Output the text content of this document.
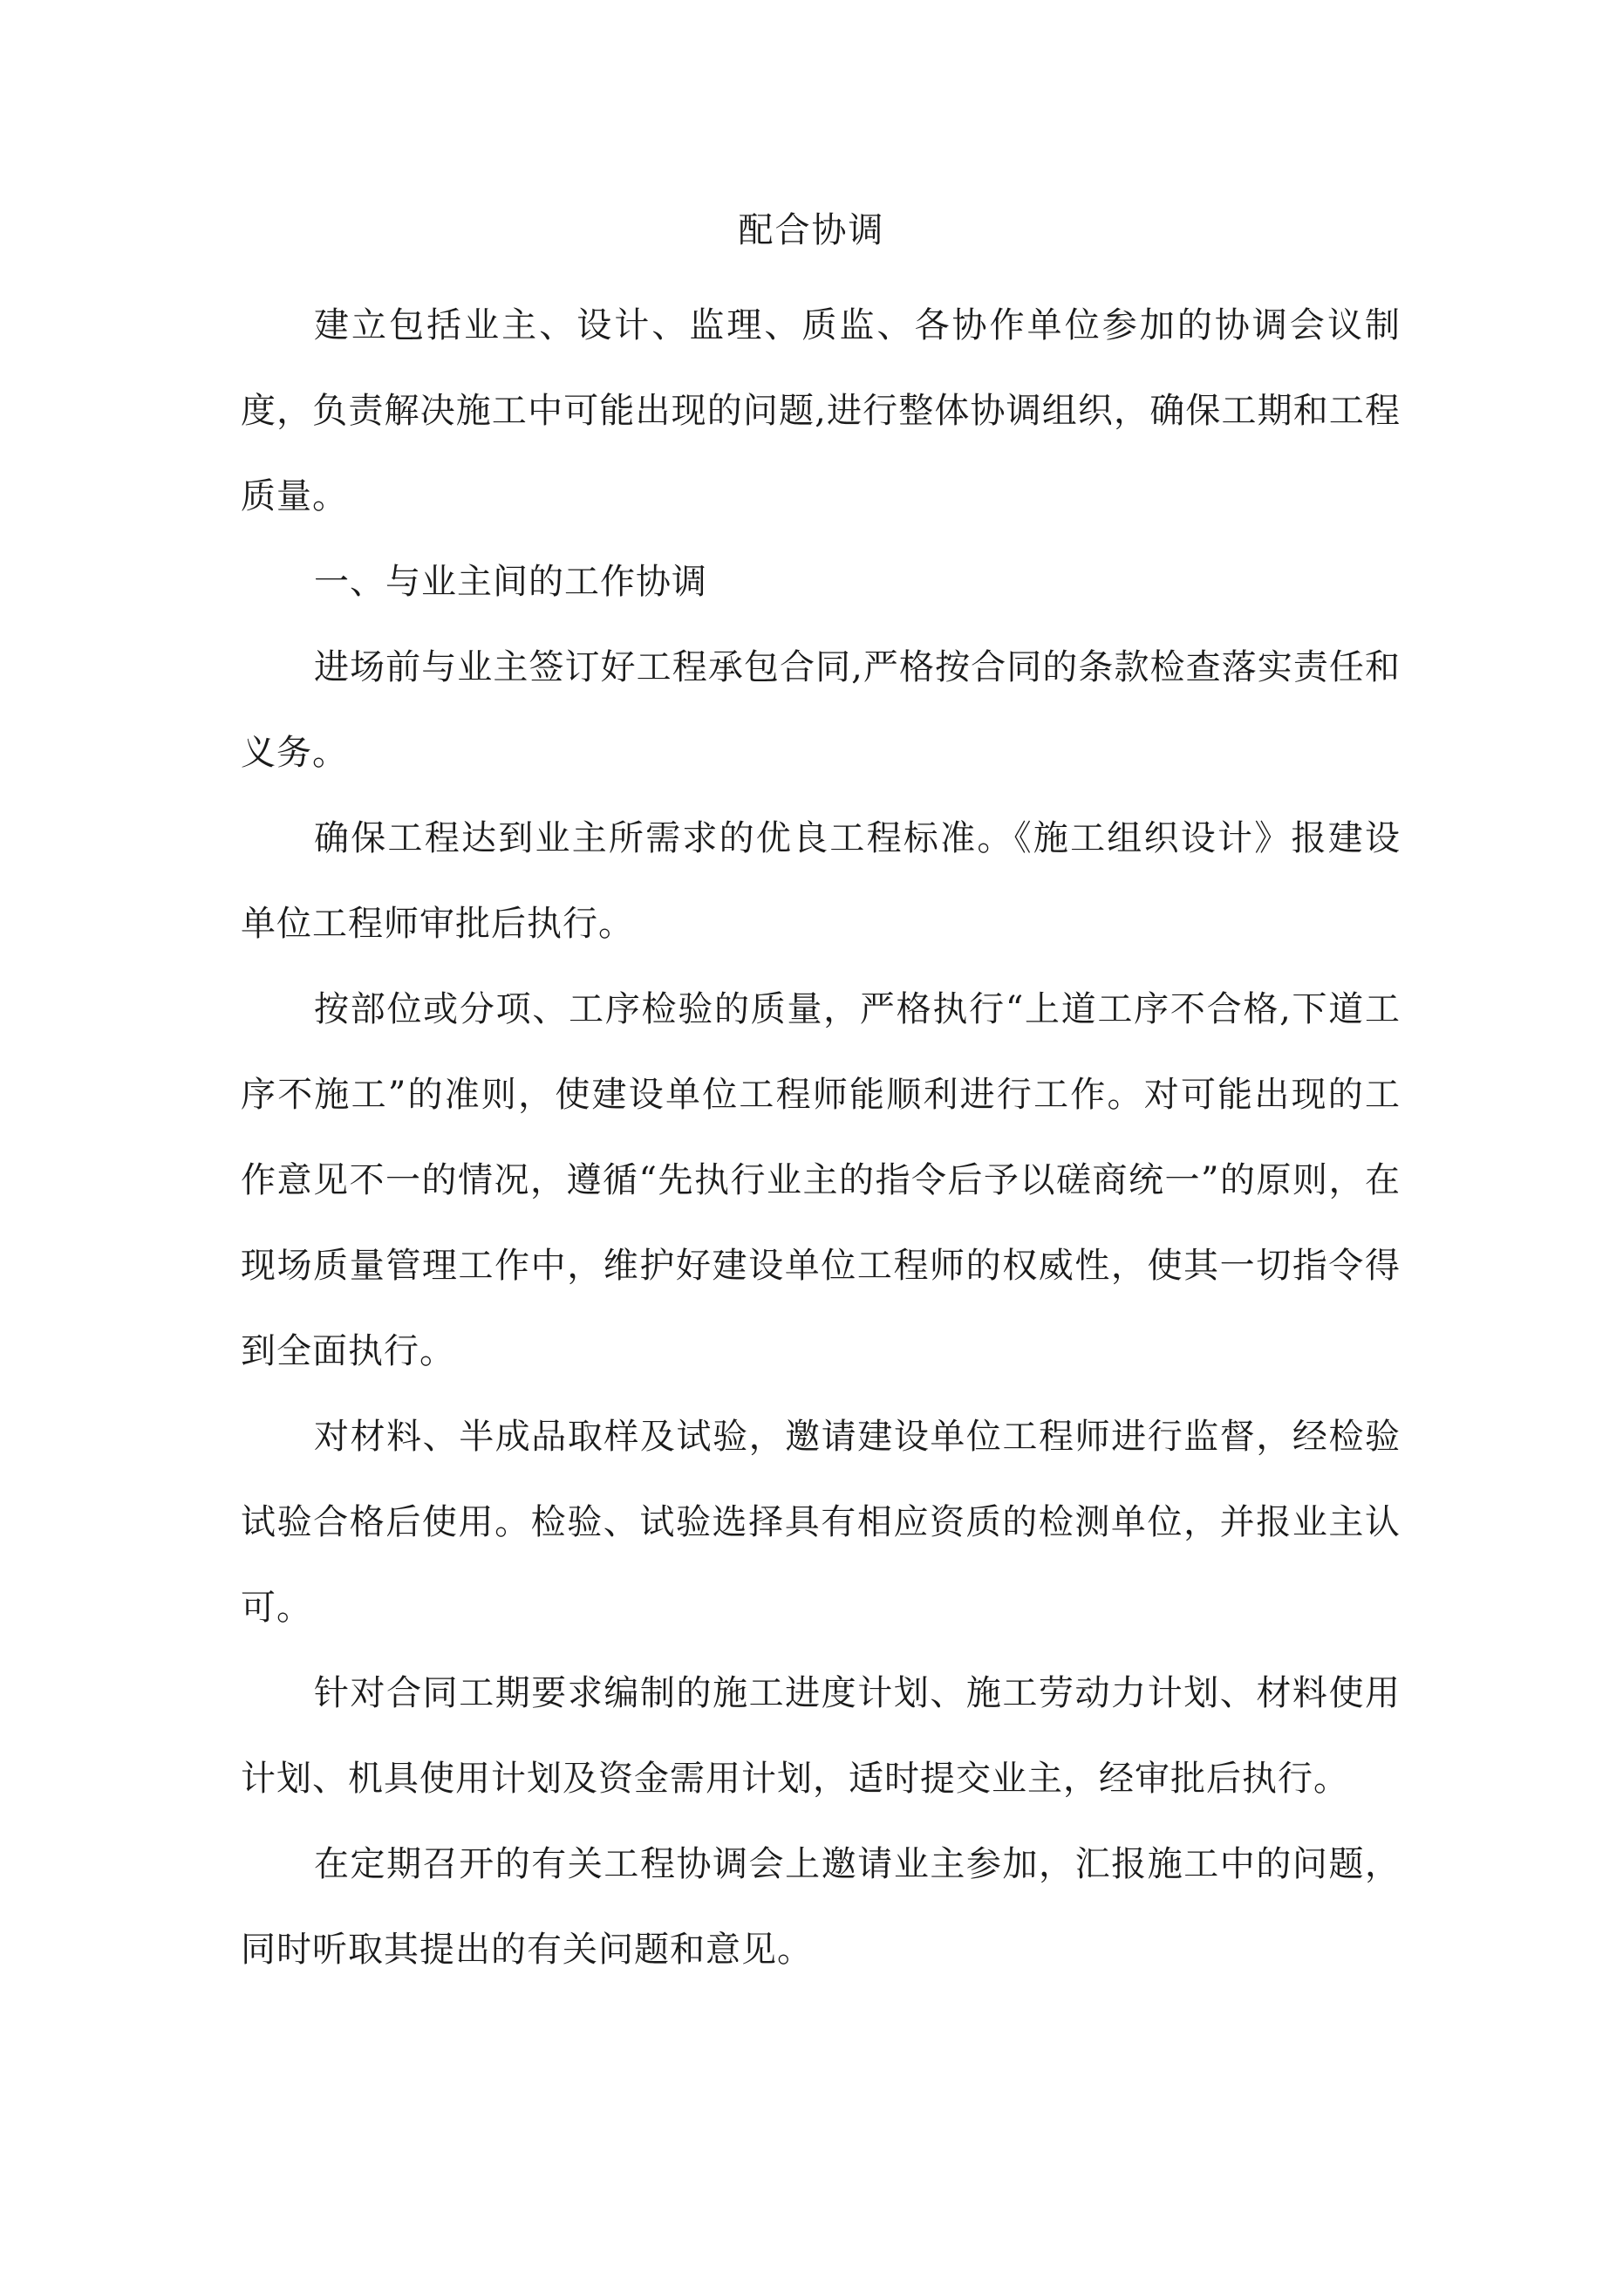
配合协调

建立包括业主、设计、监理、质监、各协作单位参加的协调会议制度，负责解决施工中可能出现的问题,进行整体协调组织，确保工期和工程质量。

一、与业主间的工作协调

进场前与业主签订好工程承包合同,严格按合同的条款检查落实责任和义务。

确保工程达到业主所需求的优良工程标准。《施工组织设计》报建设单位工程师审批后执行。

按部位或分项、工序检验的质量，严格执行“上道工序不合格,下道工序不施工”的准则，使建设单位工程师能顺利进行工作。对可能出现的工作意见不一的情况，遵循“先执行业主的指令后予以磋商统一”的原则，在现场质量管理工作中，维护好建设单位工程师的权威性，使其一切指令得到全面执行。

对材料、半成品取样及试验，邀请建设单位工程师进行监督，经检验试验合格后使用。检验、试验选择具有相应资质的检测单位，并报业主认可。

针对合同工期要求编制的施工进度计划、施工劳动力计划、材料使用计划、机具使用计划及资金需用计划，适时提交业主，经审批后执行。

在定期召开的有关工程协调会上邀请业主参加，汇报施工中的问题，同时听取其提出的有关问题和意见。
